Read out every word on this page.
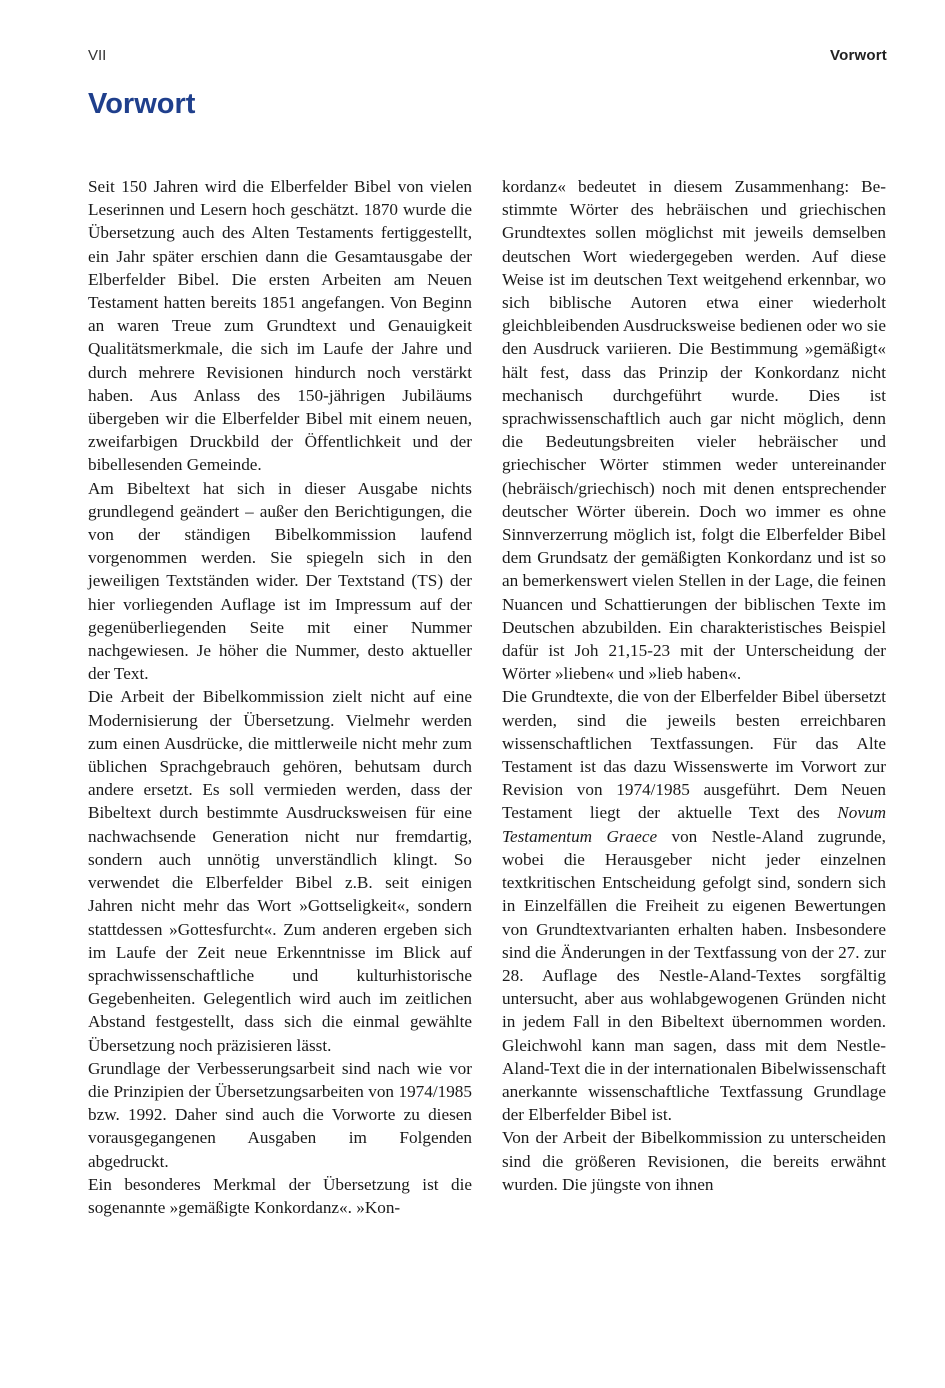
VII	Vorwort
Vorwort

Seit 150 Jahren wird die Elberfelder Bibel von vielen Leserinnen und Lesern hoch geschätzt. 1870 wurde die Übersetzung auch des Alten Testaments fertiggestellt, ein Jahr später erschien dann die Gesamtausgabe der Elberfelder Bibel. Die ersten Arbeiten am Neuen Testament hatten bereits 1851 angefangen. Von Beginn an waren Treue zum Grundtext und Genauigkeit Qualitätsmerkmale, die sich im Laufe der Jahre und durch mehrere Revisionen hindurch noch verstärkt haben. Aus Anlass des 150-jährigen Jubiläums übergeben wir die Elberfelder Bibel mit einem neuen, zweifarbigen Druckbild der Öffentlichkeit und der bibellesenden Gemeinde.

Am Bibeltext hat sich in dieser Ausgabe nichts grundlegend geändert – außer den Berichtigungen, die von der ständigen Bibelkommission laufend vorgenommen werden. Sie spiegeln sich in den jeweiligen Textständen wider. Der Textstand (TS) der hier vorliegenden Auflage ist im Impressum auf der gegenüberliegenden Seite mit einer Nummer nachgewiesen. Je höher die Nummer, desto aktueller der Text.

Die Arbeit der Bibelkommission zielt nicht auf eine Modernisierung der Übersetzung. Vielmehr werden zum einen Ausdrücke, die mittlerweile nicht mehr zum üblichen Sprachgebrauch gehören, behutsam durch andere ersetzt. Es soll vermieden werden, dass der Bibeltext durch bestimmte Ausdrucksweisen für eine nachwachsende Generation nicht nur fremdartig, sondern auch unnötig unverständlich klingt. So verwendet die Elberfelder Bibel z.B. seit einigen Jahren nicht mehr das Wort »Gottseligkeit«, sondern stattdessen »Gottesfurcht«. Zum anderen ergeben sich im Laufe der Zeit neue Erkenntnisse im Blick auf sprachwissenschaftliche und kulturhistorische Gegebenheiten. Gelegentlich wird auch im zeitlichen Abstand festgestellt, dass sich die einmal gewählte Übersetzung noch präzisieren lässt.

Grundlage der Verbesserungsarbeit sind nach wie vor die Prinzipien der Übersetzungsarbeiten von 1974/1985 bzw. 1992. Daher sind auch die Vorworte zu diesen vorausgegangenen Ausgaben im Folgenden abgedruckt.

Ein besonderes Merkmal der Übersetzung ist die sogenannte »gemäßigte Konkordanz«. »Kon-

kordanz« bedeutet in diesem Zusammenhang: Bestimmte Wörter des hebräischen und griechischen Grundtextes sollen möglichst mit jeweils demselben deutschen Wort wiedergegeben werden. Auf diese Weise ist im deutschen Text weitgehend erkennbar, wo sich biblische Autoren etwa einer wiederholt gleichbleibenden Ausdrucksweise bedienen oder wo sie den Ausdruck variieren. Die Bestimmung »gemäßigt« hält fest, dass das Prinzip der Konkordanz nicht mechanisch durchgeführt wurde. Dies ist sprachwissenschaftlich auch gar nicht möglich, denn die Bedeutungsbreiten vieler hebräischer und griechischer Wörter stimmen weder untereinander (hebräisch/griechisch) noch mit denen entsprechender deutscher Wörter überein. Doch wo immer es ohne Sinnverzerrung möglich ist, folgt die Elberfelder Bibel dem Grundsatz der gemäßigten Konkordanz und ist so an bemerkenswert vielen Stellen in der Lage, die feinen Nuancen und Schattierungen der biblischen Texte im Deutschen abzubilden. Ein charakteristisches Beispiel dafür ist Joh 21,15-23 mit der Unterscheidung der Wörter »lieben« und »lieb haben«.

Die Grundtexte, die von der Elberfelder Bibel übersetzt werden, sind die jeweils besten erreichbaren wissenschaftlichen Textfassungen. Für das Alte Testament ist das dazu Wissenswerte im Vorwort zur Revision von 1974/1985 ausgeführt. Dem Neuen Testament liegt der aktuelle Text des Novum Testamentum Graece von Nestle-Aland zugrunde, wobei die Herausgeber nicht jeder einzelnen textkritischen Entscheidung gefolgt sind, sondern sich in Einzelfällen die Freiheit zu eigenen Bewertungen von Grundtextvarianten erhalten haben. Insbesondere sind die Änderungen in der Textfassung von der 27. zur 28. Auflage des Nestle-Aland-Textes sorgfältig untersucht, aber aus wohlabgewogenen Gründen nicht in jedem Fall in den Bibeltext übernommen worden. Gleichwohl kann man sagen, dass mit dem Nestle-Aland-Text die in der internationalen Bibelwissenschaft anerkannte wissenschaftliche Textfassung Grundlage der Elberfelder Bibel ist.

Von der Arbeit der Bibelkommission zu unterscheiden sind die größeren Revisionen, die bereits erwähnt wurden. Die jüngste von ihnen
